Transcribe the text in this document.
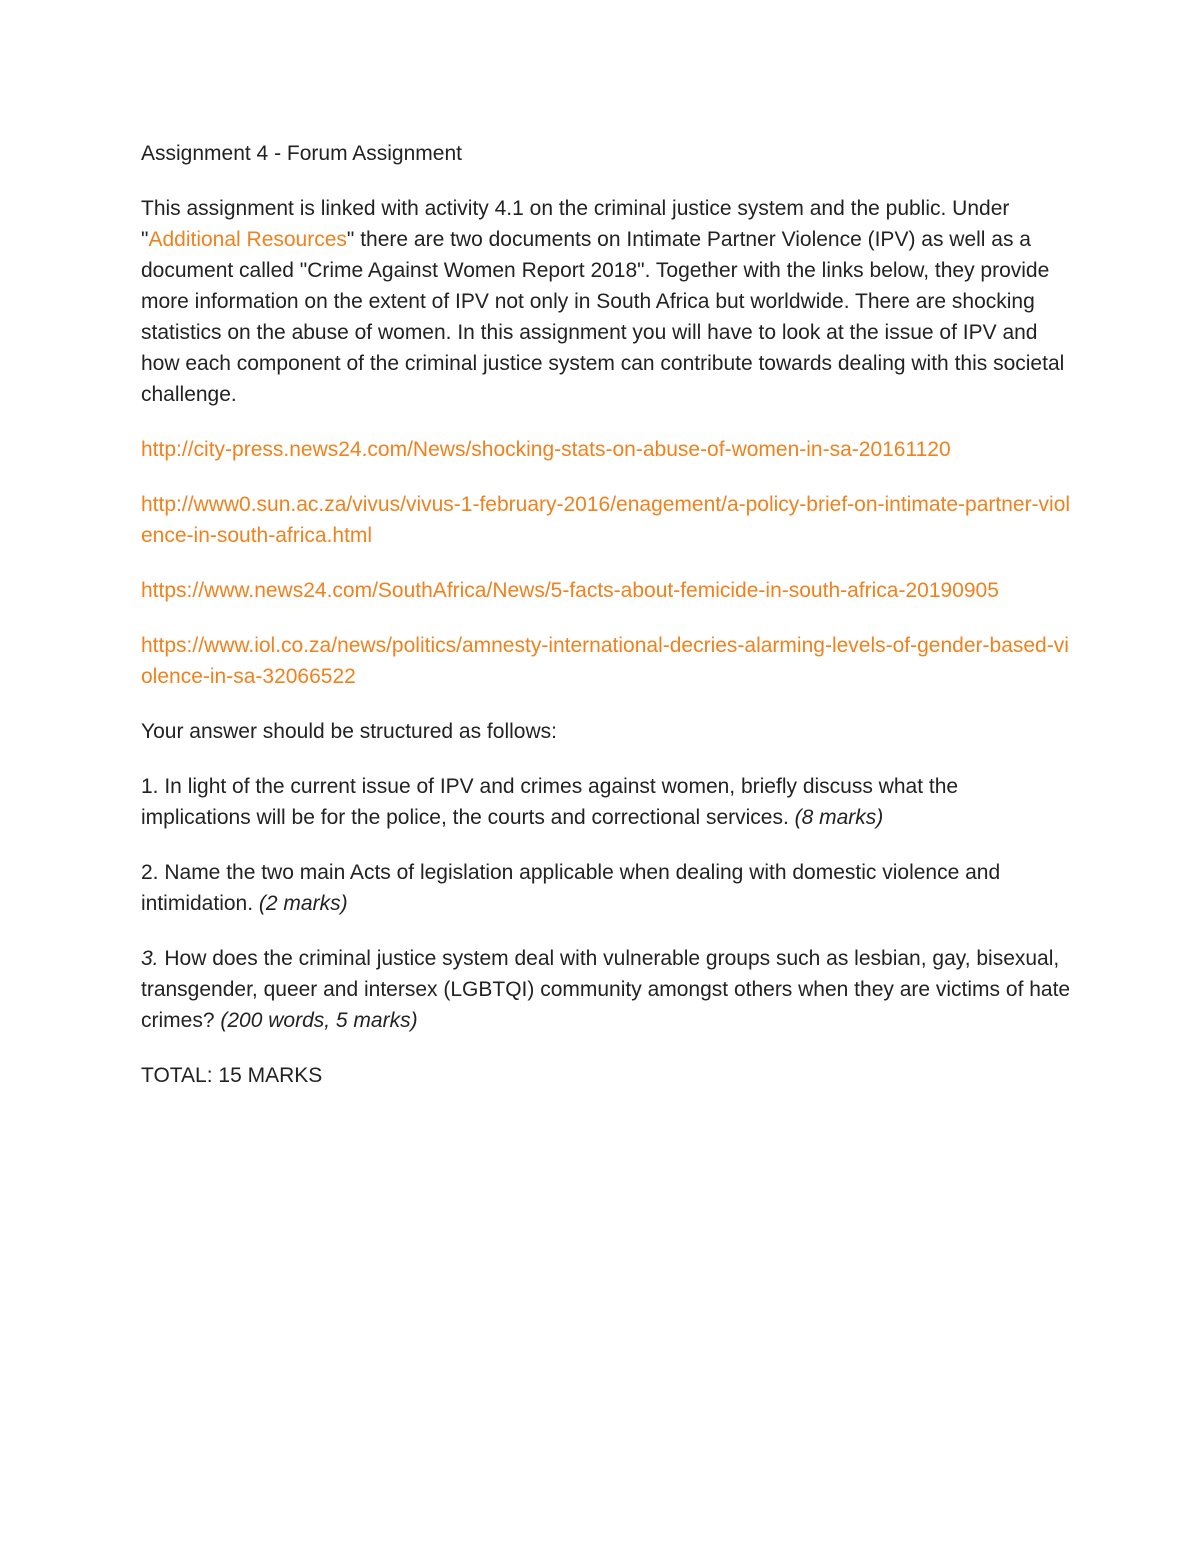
Assignment 4 - Forum Assignment

This assignment is linked with activity 4.1 on the criminal justice system and the public. Under "Additional Resources" there are two documents on Intimate Partner Violence (IPV) as well as a document called "Crime Against Women Report 2018". Together with the links below, they provide more information on the extent of IPV not only in South Africa but worldwide. There are shocking statistics on the abuse of women. In this assignment you will have to look at the issue of IPV and how each component of the criminal justice system can contribute towards dealing with this societal challenge.

http://city-press.news24.com/News/shocking-stats-on-abuse-of-women-in-sa-20161120

http://www0.sun.ac.za/vivus/vivus-1-february-2016/enagement/a-policy-brief-on-intimate-partner-violence-in-south-africa.html

https://www.news24.com/SouthAfrica/News/5-facts-about-femicide-in-south-africa-20190905

https://www.iol.co.za/news/politics/amnesty-international-decries-alarming-levels-of-gender-based-violence-in-sa-32066522

Your answer should be structured as follows:

1. In light of the current issue of IPV and crimes against women, briefly discuss what the implications will be for the police, the courts and correctional services. (8 marks)

2. Name the two main Acts of legislation applicable when dealing with domestic violence and intimidation. (2 marks)

3. How does the criminal justice system deal with vulnerable groups such as lesbian, gay, bisexual, transgender, queer and intersex (LGBTQI) community amongst others when they are victims of hate crimes? (200 words, 5 marks)

TOTAL: 15 MARKS
